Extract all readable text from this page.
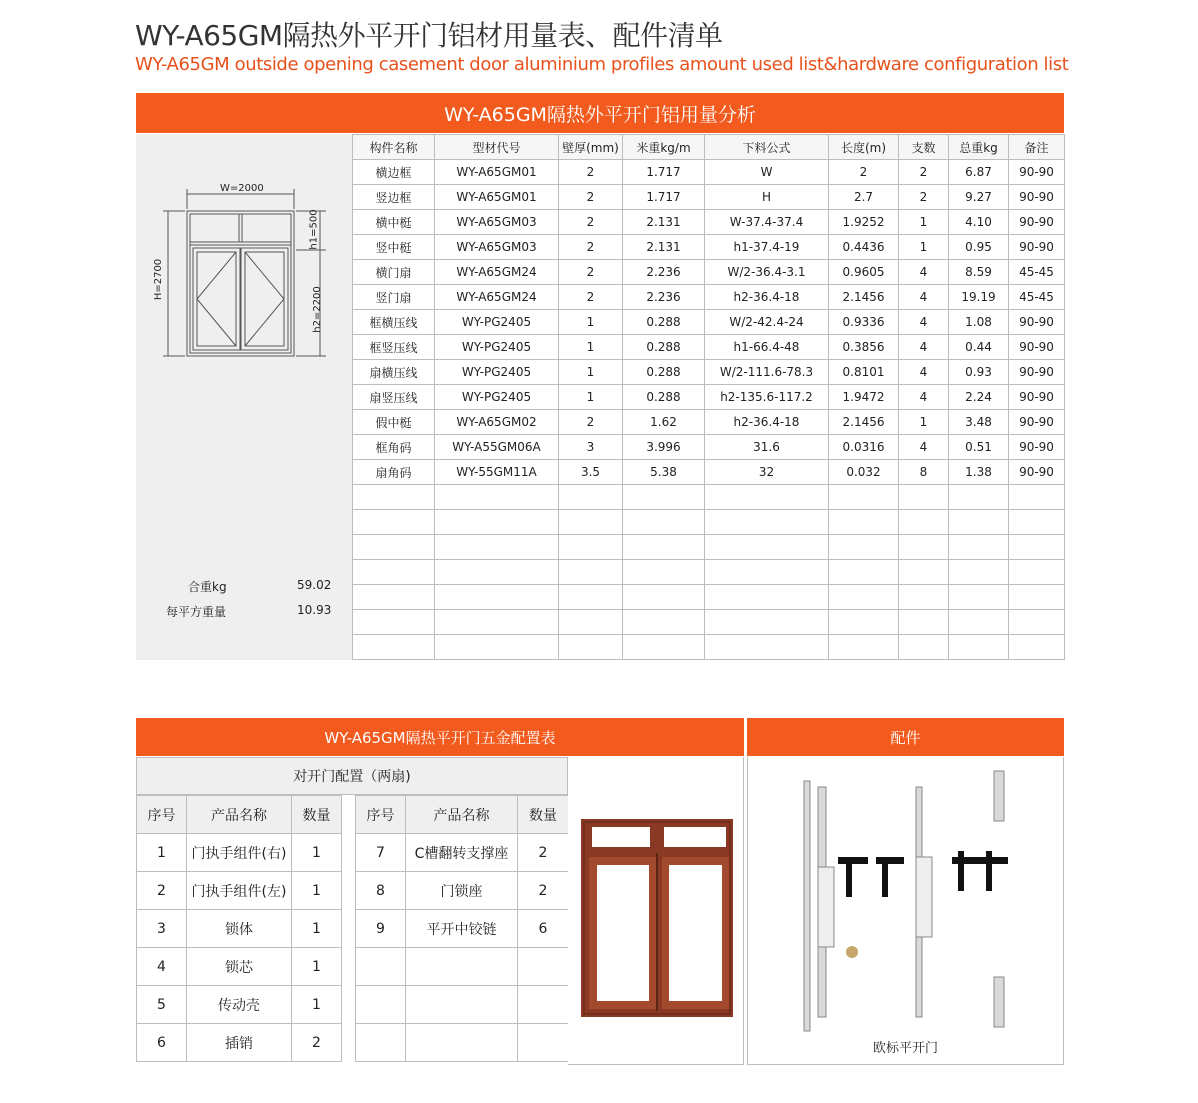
WY-A65GM隔热外平开门铝材用量表、配件清单
WY-A65GM outside opening casement door aluminium profiles amount used list&hardware configuration list
WY-A65GM隔热外平开门铝用量分析
W=2000
H=2700
h1=500
h2=2200
合重kg	59.02
每平方重量	10.93
构件名称	型材代号	壁厚(mm)	米重kg/m	下料公式	长度(m)	支数	总重kg	备注
横边框	WY-A65GM01	2	1.717	W	2	2	6.87	90-90
竖边框	WY-A65GM01	2	1.717	H	2.7	2	9.27	90-90
横中梃	WY-A65GM03	2	2.131	W-37.4-37.4	1.9252	1	4.10	90-90
竖中梃	WY-A65GM03	2	2.131	h1-37.4-19	0.4436	1	0.95	90-90
横门扇	WY-A65GM24	2	2.236	W/2-36.4-3.1	0.9605	4	8.59	45-45
竖门扇	WY-A65GM24	2	2.236	h2-36.4-18	2.1456	4	19.19	45-45
框横压线	WY-PG2405	1	0.288	W/2-42.4-24	0.9336	4	1.08	90-90
框竖压线	WY-PG2405	1	0.288	h1-66.4-48	0.3856	4	0.44	90-90
扇横压线	WY-PG2405	1	0.288	W/2-111.6-78.3	0.8101	4	0.93	90-90
扇竖压线	WY-PG2405	1	0.288	h2-135.6-117.2	1.9472	4	2.24	90-90
假中梃	WY-A65GM02	2	1.62	h2-36.4-18	2.1456	1	3.48	90-90
框角码	WY-A55GM06A	3	3.996	31.6	0.0316	4	0.51	90-90
扇角码	WY-55GM11A	3.5	5.38	32	0.032	8	1.38	90-90

WY-A65GM隔热平开门五金配置表	配件
对开门配置（两扇)
序号	产品名称	数量		序号	产品名称	数量
1	门执手组件(右)	1		7	C槽翻转支撑座	2
2	门执手组件(左)	1		8	门锁座	2
3	锁体	1		9	平开中铰链	6
4	锁芯	1				
5	传动壳	1				
6	插销	2					欧标平开门
